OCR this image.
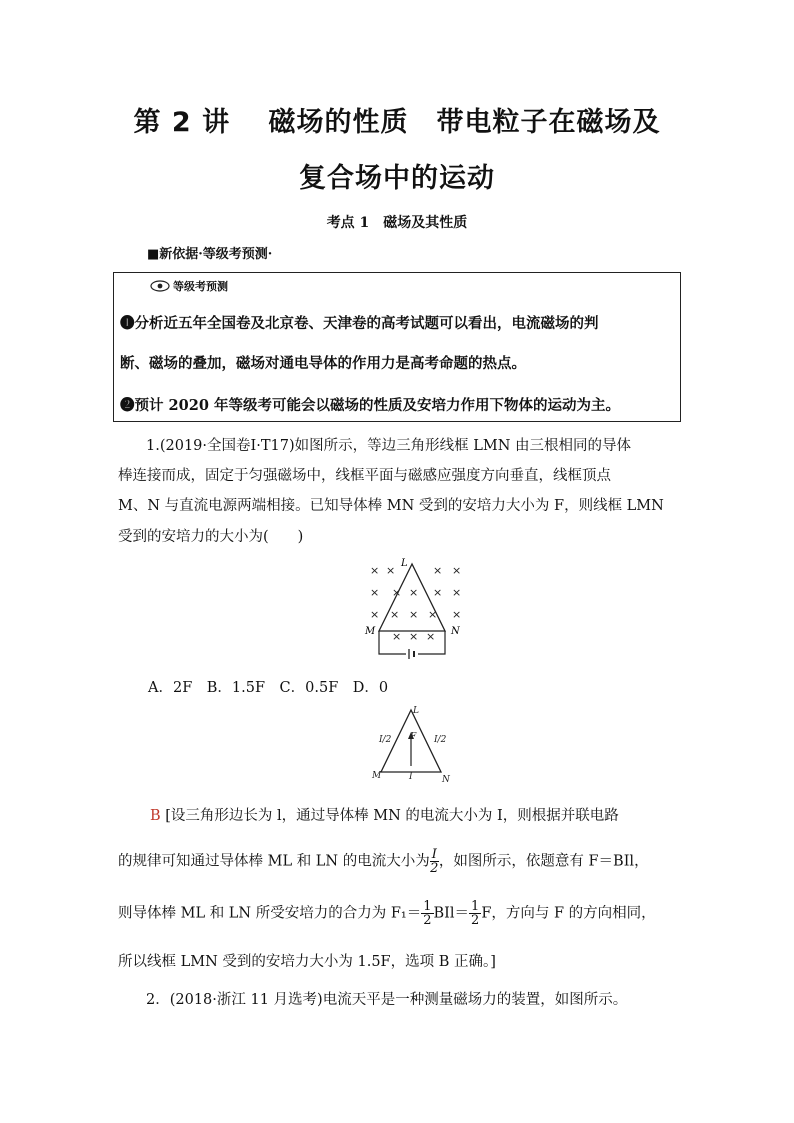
第 2 讲　 磁场的性质　带电粒子在磁场及
复合场中的运动
考点 1　磁场及其性质
■新依据·等级考预测·
等级考预测
❶分析近五年全国卷及北京卷、天津卷的高考试题可以看出，电流磁场的判
断、磁场的叠加，磁场对通电导体的作用力是高考命题的热点。
❷预计 2020 年等级考可能会以磁场的性质及安培力作用下物体的运动为主。
1.(2019·全国卷Ⅰ·T17)如图所示，等边三角形线框 LMN 由三根相同的导体
棒连接而成，固定于匀强磁场中，线框平面与磁感应强度方向垂直，线框顶点
M、N 与直流电源两端相接。已知导体棒 MN 受到的安培力大小为 F，则线框 LMN
受到的安培力的大小为(　　)
× ×	× ×
× × × × ×
× × × × ×
× × ×
L
M	N
A．2F　B．1.5F　C．0.5F　D．0
L
M	N
I/2	I/2
F
I
B [设三角形边长为 l，通过导体棒 MN 的电流大小为 I，则根据并联电路
的规律可知通过导体棒 ML 和 LN 的电流大小为 $\frac{I}{2}$ ，如图所示，依题意有 F＝BIl，
则导体棒 ML 和 LN 所受安培力的合力为 $F_1= \frac{1}{2} BIl= \frac{1}{2}$ F，方向与 F 的方向相同，
所以线框 LMN 受到的安培力大小为 1.5F，选项 B 正确。]
2．(2018·浙江 11 月选考)电流天平是一种测量磁场力的装置，如图所示。
